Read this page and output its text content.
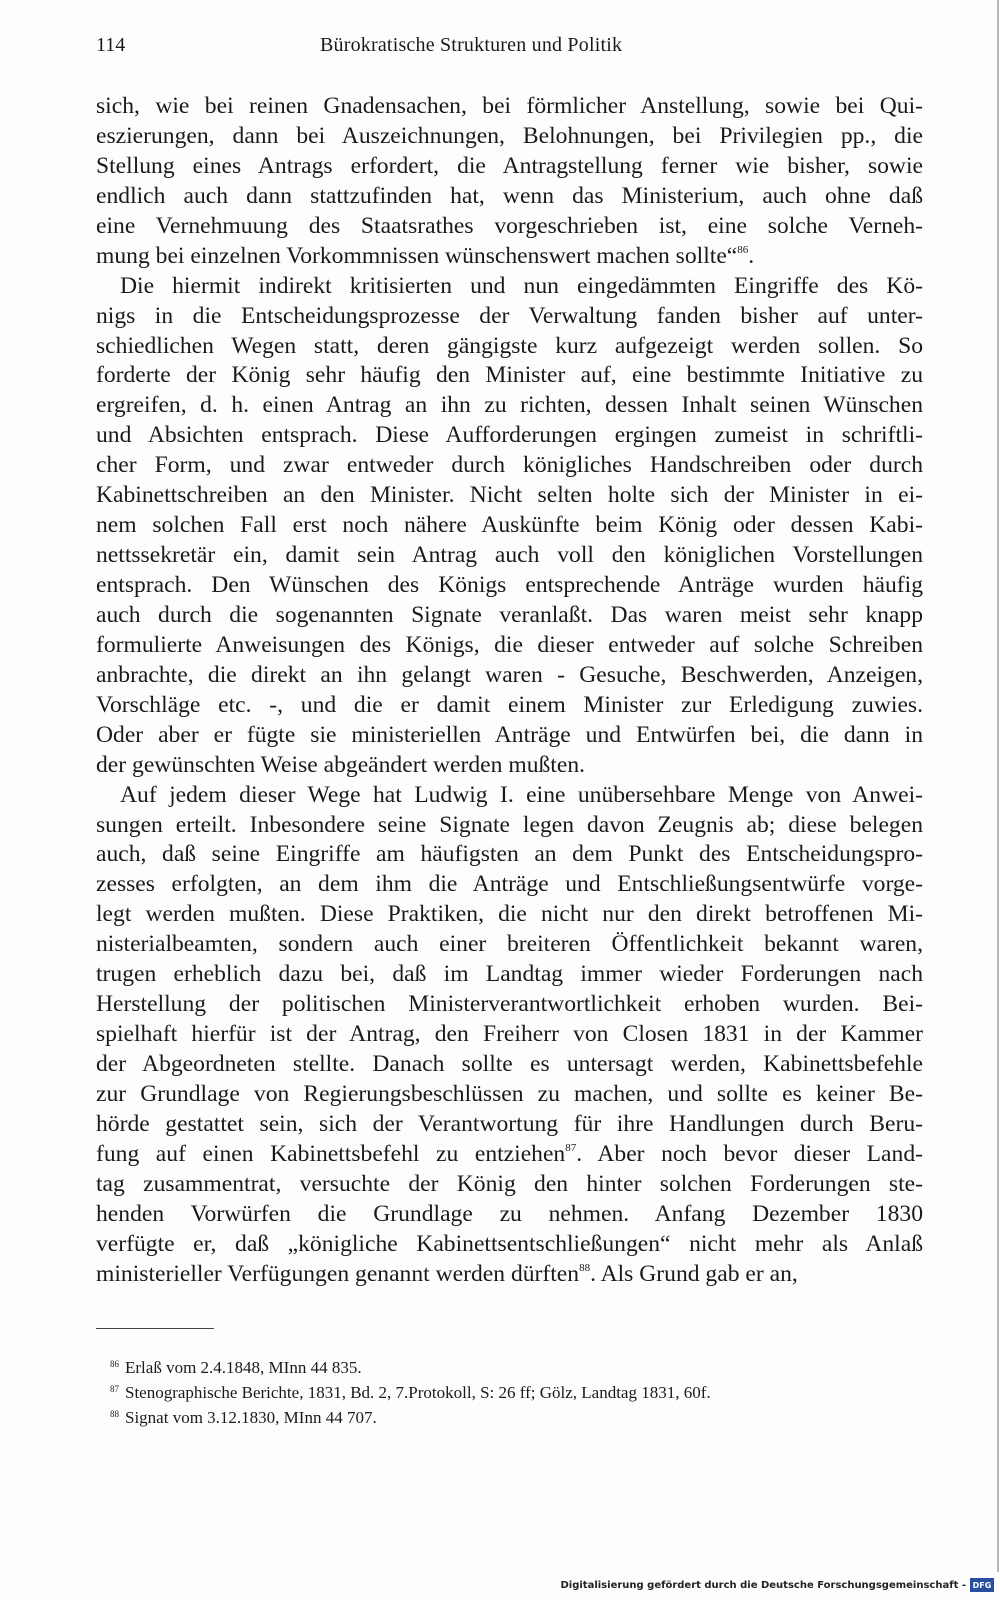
114	Bürokratische Strukturen und Politik
sich, wie bei reinen Gnadensachen, bei förmlicher Anstellung, sowie bei Qui-
eszierungen, dann bei Auszeichnungen, Belohnungen, bei Privilegien pp., die
Stellung eines Antrags erfordert, die Antragstellung ferner wie bisher, sowie
endlich auch dann stattzufinden hat, wenn das Ministerium, auch ohne daß
eine Vernehmuung des Staatsrathes vorgeschrieben ist, eine solche Verneh-
mung bei einzelnen Vorkommnissen wünschenswert machen sollte“$^{86}$.
Die hiermit indirekt kritisierten und nun eingedämmten Eingriffe des Kö-
nigs in die Entscheidungsprozesse der Verwaltung fanden bisher auf unter-
schiedlichen Wegen statt, deren gängigste kurz aufgezeigt werden sollen. So
forderte der König sehr häufig den Minister auf, eine bestimmte Initiative zu
ergreifen, d. h. einen Antrag an ihn zu richten, dessen Inhalt seinen Wünschen
und Absichten entsprach. Diese Aufforderungen ergingen zumeist in schriftli-
cher Form, und zwar entweder durch königliches Handschreiben oder durch
Kabinettschreiben an den Minister. Nicht selten holte sich der Minister in ei-
nem solchen Fall erst noch nähere Auskünfte beim König oder dessen Kabi-
nettssekretär ein, damit sein Antrag auch voll den königlichen Vorstellungen
entsprach. Den Wünschen des Königs entsprechende Anträge wurden häufig
auch durch die sogenannten Signate veranlaßt. Das waren meist sehr knapp
formulierte Anweisungen des Königs, die dieser entweder auf solche Schreiben
anbrachte, die direkt an ihn gelangt waren - Gesuche, Beschwerden, Anzeigen,
Vorschläge etc. -, und die er damit einem Minister zur Erledigung zuwies.
Oder aber er fügte sie ministeriellen Anträge und Entwürfen bei, die dann in
der gewünschten Weise abgeändert werden mußten.
Auf jedem dieser Wege hat Ludwig I. eine unübersehbare Menge von Anwei-
sungen erteilt. Inbesondere seine Signate legen davon Zeugnis ab; diese belegen
auch, daß seine Eingriffe am häufigsten an dem Punkt des Entscheidungspro-
zesses erfolgten, an dem ihm die Anträge und Entschließungsentwürfe vorge-
legt werden mußten. Diese Praktiken, die nicht nur den direkt betroffenen Mi-
nisterialbeamten, sondern auch einer breiteren Öffentlichkeit bekannt waren,
trugen erheblich dazu bei, daß im Landtag immer wieder Forderungen nach
Herstellung der politischen Ministerverantwortlichkeit erhoben wurden. Bei-
spielhaft hierfür ist der Antrag, den Freiherr von Closen 1831 in der Kammer
der Abgeordneten stellte. Danach sollte es untersagt werden, Kabinettsbefehle
zur Grundlage von Regierungsbeschlüssen zu machen, und sollte es keiner Be-
hörde gestattet sein, sich der Verantwortung für ihre Handlungen durch Beru-
fung auf einen Kabinettsbefehl zu entziehen$^{87}$. Aber noch bevor dieser Land-
tag zusammentrat, versuchte der König den hinter solchen Forderungen ste-
henden Vorwürfen die Grundlage zu nehmen. Anfang Dezember 1830
verfügte er, daß „königliche Kabinettsentschließungen“ nicht mehr als Anlaß
ministerieller Verfügungen genannt werden dürften$^{88}$. Als Grund gab er an,
$^{86}$ Erlaß vom 2.4.1848, MInn 44 835.
$^{87}$ Stenographische Berichte, 1831, Bd. 2, 7.Protokoll, S: 26 ff; Gölz, Landtag 1831, 60f.
$^{88}$ Signat vom 3.12.1830, MInn 44 707.
Digitalisierung gefördert durch die Deutsche Forschungsgemeinschaft - DFG
